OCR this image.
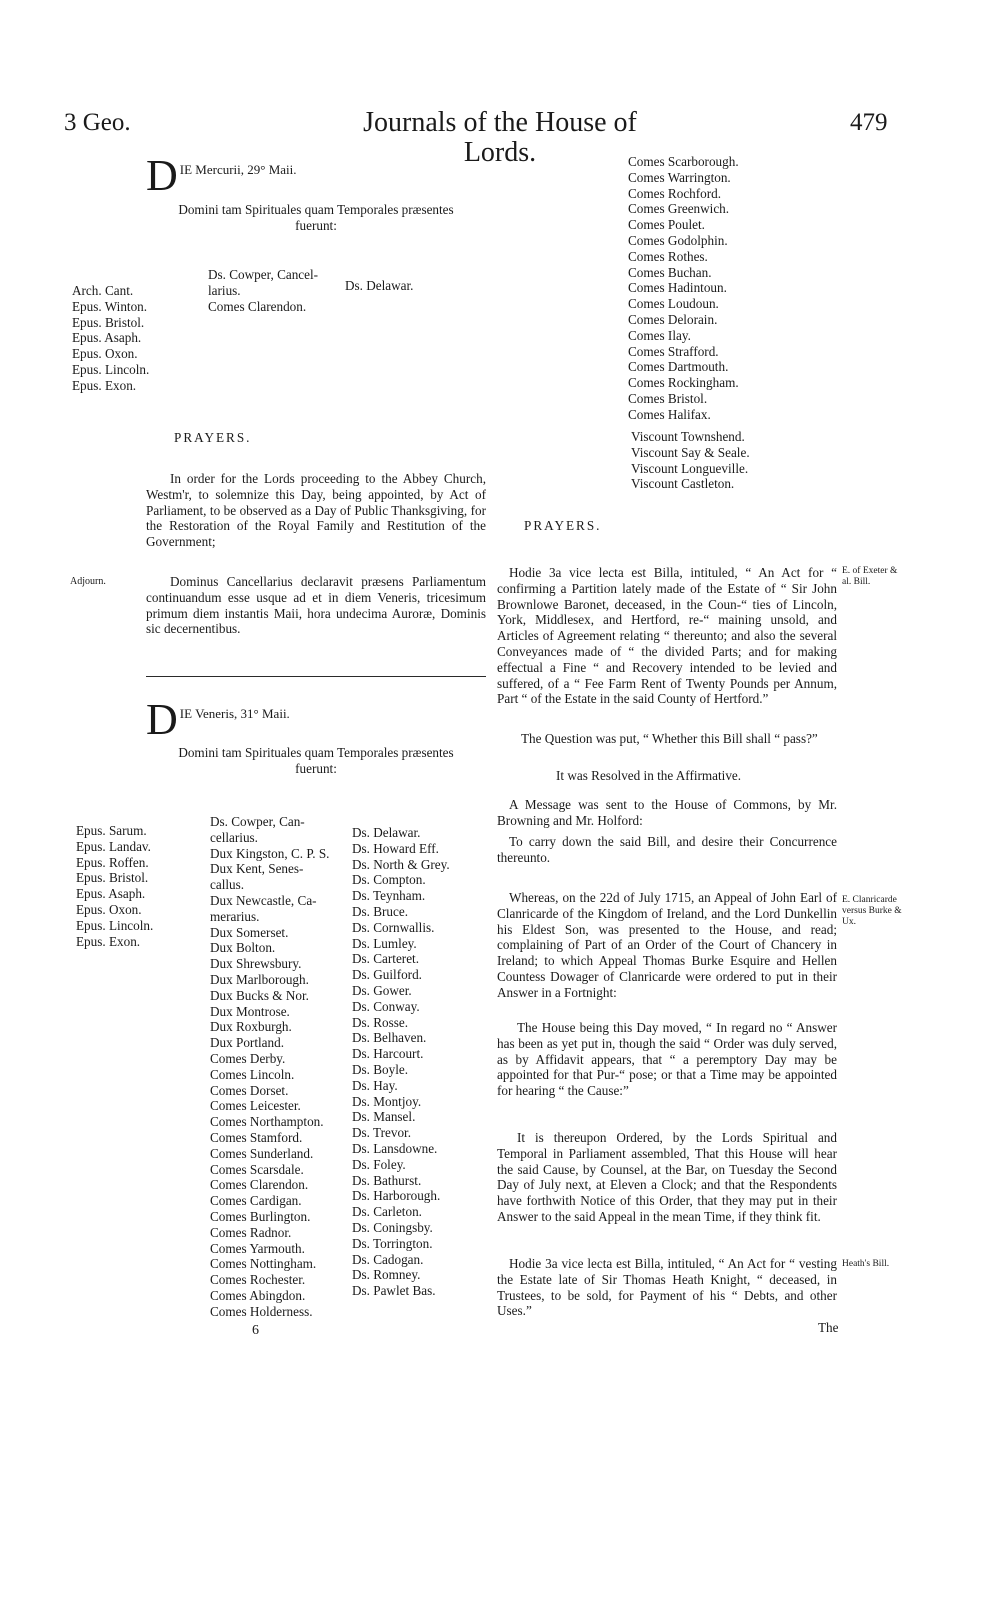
3 Geo.	Journals of the House of Lords.
479
D IE Mercurii, 29° Maii.
Domini tam Spirituales quam Temporales præsentes
fuerunt:
Arch. Cant.
Epus. Winton.
Epus. Bristol.
Epus. Asaph.
Epus. Oxon.
Epus. Lincoln.
Epus. Exon.
Ds. Cowper, Cancel-
larius.
Comes Clarendon.
Ds. Delawar.
PRAYERS.
In order for the Lords proceeding to the Abbey Church, Westm'r, to solemnize this Day, being appointed, by Act of Parliament, to be observed as a Day of Public Thanksgiving, for the Restoration of the Royal Family and Restitution of the Government;
Adjourn.	Dominus Cancellarius declaravit præsens Parliamentum continuandum esse usque ad et in diem Veneris, tricesimum primum diem instantis Maii, hora undecima Auroræ, Dominis sic decernentibus.
D IE Veneris, 31° Maii.
Domini tam Spirituales quam Temporales præsentes
fuerunt:
Epus. Sarum.
Epus. Landav.
Epus. Roffen.
Epus. Bristol.
Epus. Asaph.
Epus. Oxon.
Epus. Lincoln.
Epus. Exon.
Ds. Cowper, Can-
cellarius.
Dux Kingston, C. P. S.
Dux Kent, Senes-
callus.
Dux Newcastle, Ca-
merarius.
Dux Somerset.
Dux Bolton.
Dux Shrewsbury.
Dux Marlborough.
Dux Bucks & Nor.
Dux Montrose.
Dux Roxburgh.
Dux Portland.
Comes Derby.
Comes Lincoln.
Comes Dorset.
Comes Leicester.
Comes Northampton.
Comes Stamford.
Comes Sunderland.
Comes Scarsdale.
Comes Clarendon.
Comes Cardigan.
Comes Burlington.
Comes Radnor.
Comes Yarmouth.
Comes Nottingham.
Comes Rochester.
Comes Abingdon.
Comes Holderness.
Ds. Delawar.
Ds. Howard Eff.
Ds. North & Grey.
Ds. Compton.
Ds. Teynham.
Ds. Bruce.
Ds. Cornwallis.
Ds. Lumley.
Ds. Carteret.
Ds. Guilford.
Ds. Gower.
Ds. Conway.
Ds. Rosse.
Ds. Belhaven.
Ds. Harcourt.
Ds. Boyle.
Ds. Hay.
Ds. Montjoy.
Ds. Mansel.
Ds. Trevor.
Ds. Lansdowne.
Ds. Foley.
Ds. Bathurst.
Ds. Harborough.
Ds. Carleton.
Ds. Coningsby.
Ds. Torrington.
Ds. Cadogan.
Ds. Romney.
Ds. Pawlet Bas.
6
Comes Scarborough.
Comes Warrington.
Comes Rochford.
Comes Greenwich.
Comes Poulet.
Comes Godolphin.
Comes Rothes.
Comes Buchan.
Comes Hadintoun.
Comes Loudoun.
Comes Delorain.
Comes Ilay.
Comes Strafford.
Comes Dartmouth.
Comes Rockingham.
Comes Bristol.
Comes Halifax.
Viscount Townshend.
Viscount Say & Seale.
Viscount Longueville.
Viscount Castleton.
PRAYERS.
Hodie 3a vice lecta est Billa, intituled, “ An Act for “ confirming a Partition lately made of the Estate of “ Sir John Brownlowe Baronet, deceased, in the Coun-“ ties of Lincoln, York, Middlesex, and Hertford, re-“ maining unsold, and Articles of Agreement relating “ thereunto; and also the several Conveyances made of “ the divided Parts; and for making effectual a Fine “ and Recovery intended to be levied and suffered, of a “ Fee Farm Rent of Twenty Pounds per Annum, Part “ of the Estate in the said County of Hertford.”
E. of Exeter & al. Bill.
The Question was put, “ Whether this Bill shall “ pass?”
It was Resolved in the Affirmative.
A Message was sent to the House of Commons, by Mr. Browning and Mr. Holford:
To carry down the said Bill, and desire their Concurrence thereunto.
Whereas, on the 22d of July 1715, an Appeal of John Earl of Clanricarde of the Kingdom of Ireland, and the Lord Dunkellin his Eldest Son, was presented to the House, and read; complaining of Part of an Order of the Court of Chancery in Ireland; to which Appeal Thomas Burke Esquire and Hellen Countess Dowager of Clanricarde were ordered to put in their Answer in a Fortnight:
E. Clanricarde versus Burke & Ux.
The House being this Day moved, “ In regard no “ Answer has been as yet put in, though the said “ Order was duly served, as by Affidavit appears, that “ a peremptory Day may be appointed for that Pur-“ pose; or that a Time may be appointed for hearing “ the Cause:”
It is thereupon Ordered, by the Lords Spiritual and Temporal in Parliament assembled, That this House will hear the said Cause, by Counsel, at the Bar, on Tuesday the Second Day of July next, at Eleven a Clock; and that the Respondents have forthwith Notice of this Order, that they may put in their Answer to the said Appeal in the mean Time, if they think fit.
Hodie 3a vice lecta est Billa, intituled, “ An Act for “ vesting the Estate late of Sir Thomas Heath Knight, “ deceased, in Trustees, to be sold, for Payment of his “ Debts, and other Uses.”
Heath's Bill.
The
